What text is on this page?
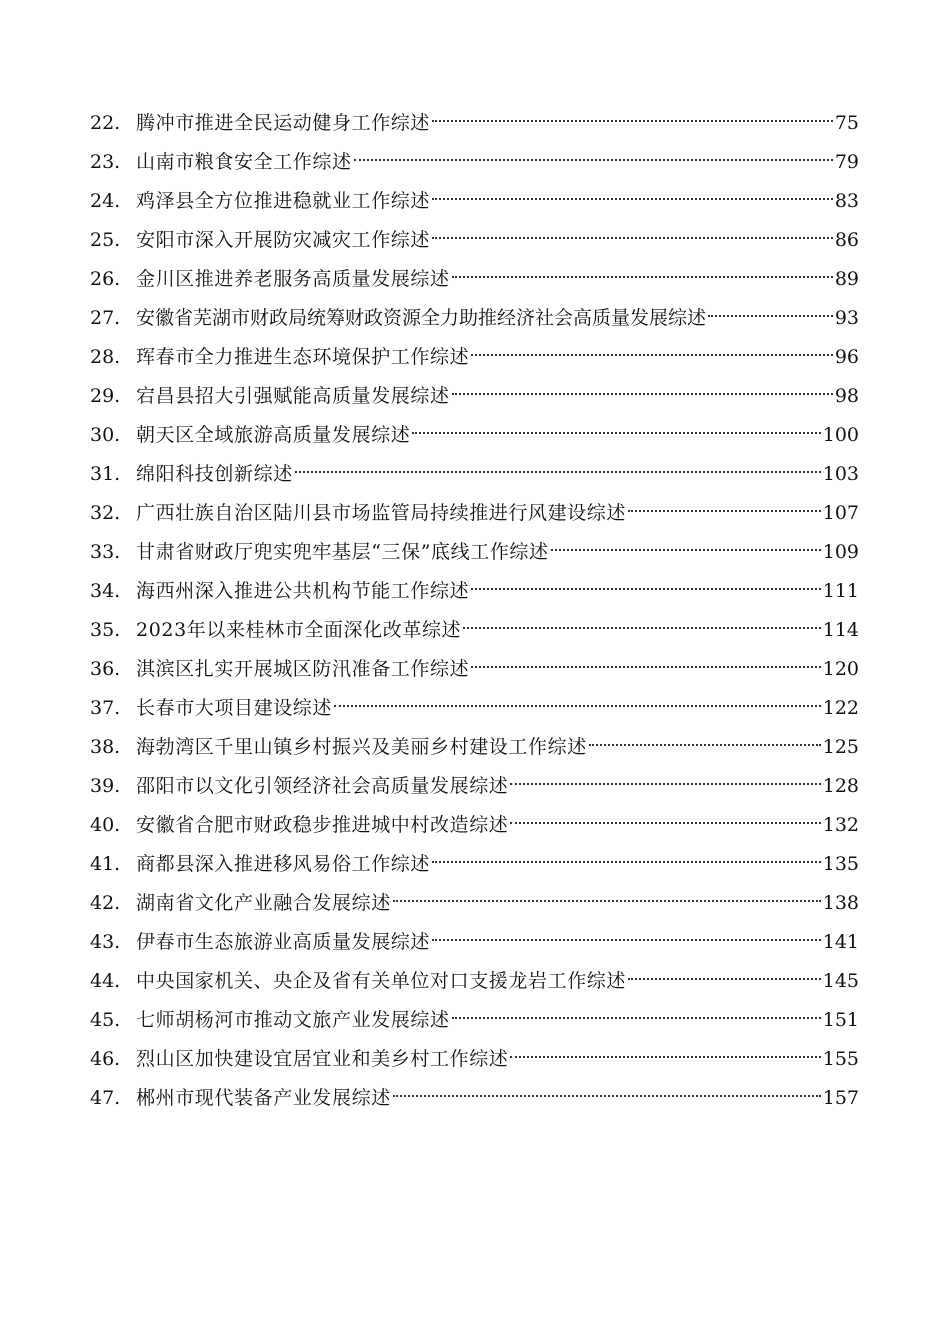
22. 腾冲市推进全民运动健身工作综述	75
23. 山南市粮食安全工作综述	79
24. 鸡泽县全方位推进稳就业工作综述	83
25. 安阳市深入开展防灾减灾工作综述	86
26. 金川区推进养老服务高质量发展综述	89
27. 安徽省芜湖市财政局统筹财政资源全力助推经济社会高质量发展综述	93
28. 珲春市全力推进生态环境保护工作综述	96
29. 宕昌县招大引强赋能高质量发展综述	98
30. 朝天区全域旅游高质量发展综述	100
31. 绵阳科技创新综述	103
32. 广西壮族自治区陆川县市场监管局持续推进行风建设综述	107
33. 甘肃省财政厅兜实兜牢基层“三保”底线工作综述	109
34. 海西州深入推进公共机构节能工作综述	111
35. 2023年以来桂林市全面深化改革综述	114
36. 淇滨区扎实开展城区防汛准备工作综述	120
37. 长春市大项目建设综述	122
38. 海勃湾区千里山镇乡村振兴及美丽乡村建设工作综述	125
39. 邵阳市以文化引领经济社会高质量发展综述	128
40. 安徽省合肥市财政稳步推进城中村改造综述	132
41. 商都县深入推进移风易俗工作综述	135
42. 湖南省文化产业融合发展综述	138
43. 伊春市生态旅游业高质量发展综述	141
44. 中央国家机关、央企及省有关单位对口支援龙岩工作综述	145
45. 七师胡杨河市推动文旅产业发展综述	151
46. 烈山区加快建设宜居宜业和美乡村工作综述	155
47. 郴州市现代装备产业发展综述	157
